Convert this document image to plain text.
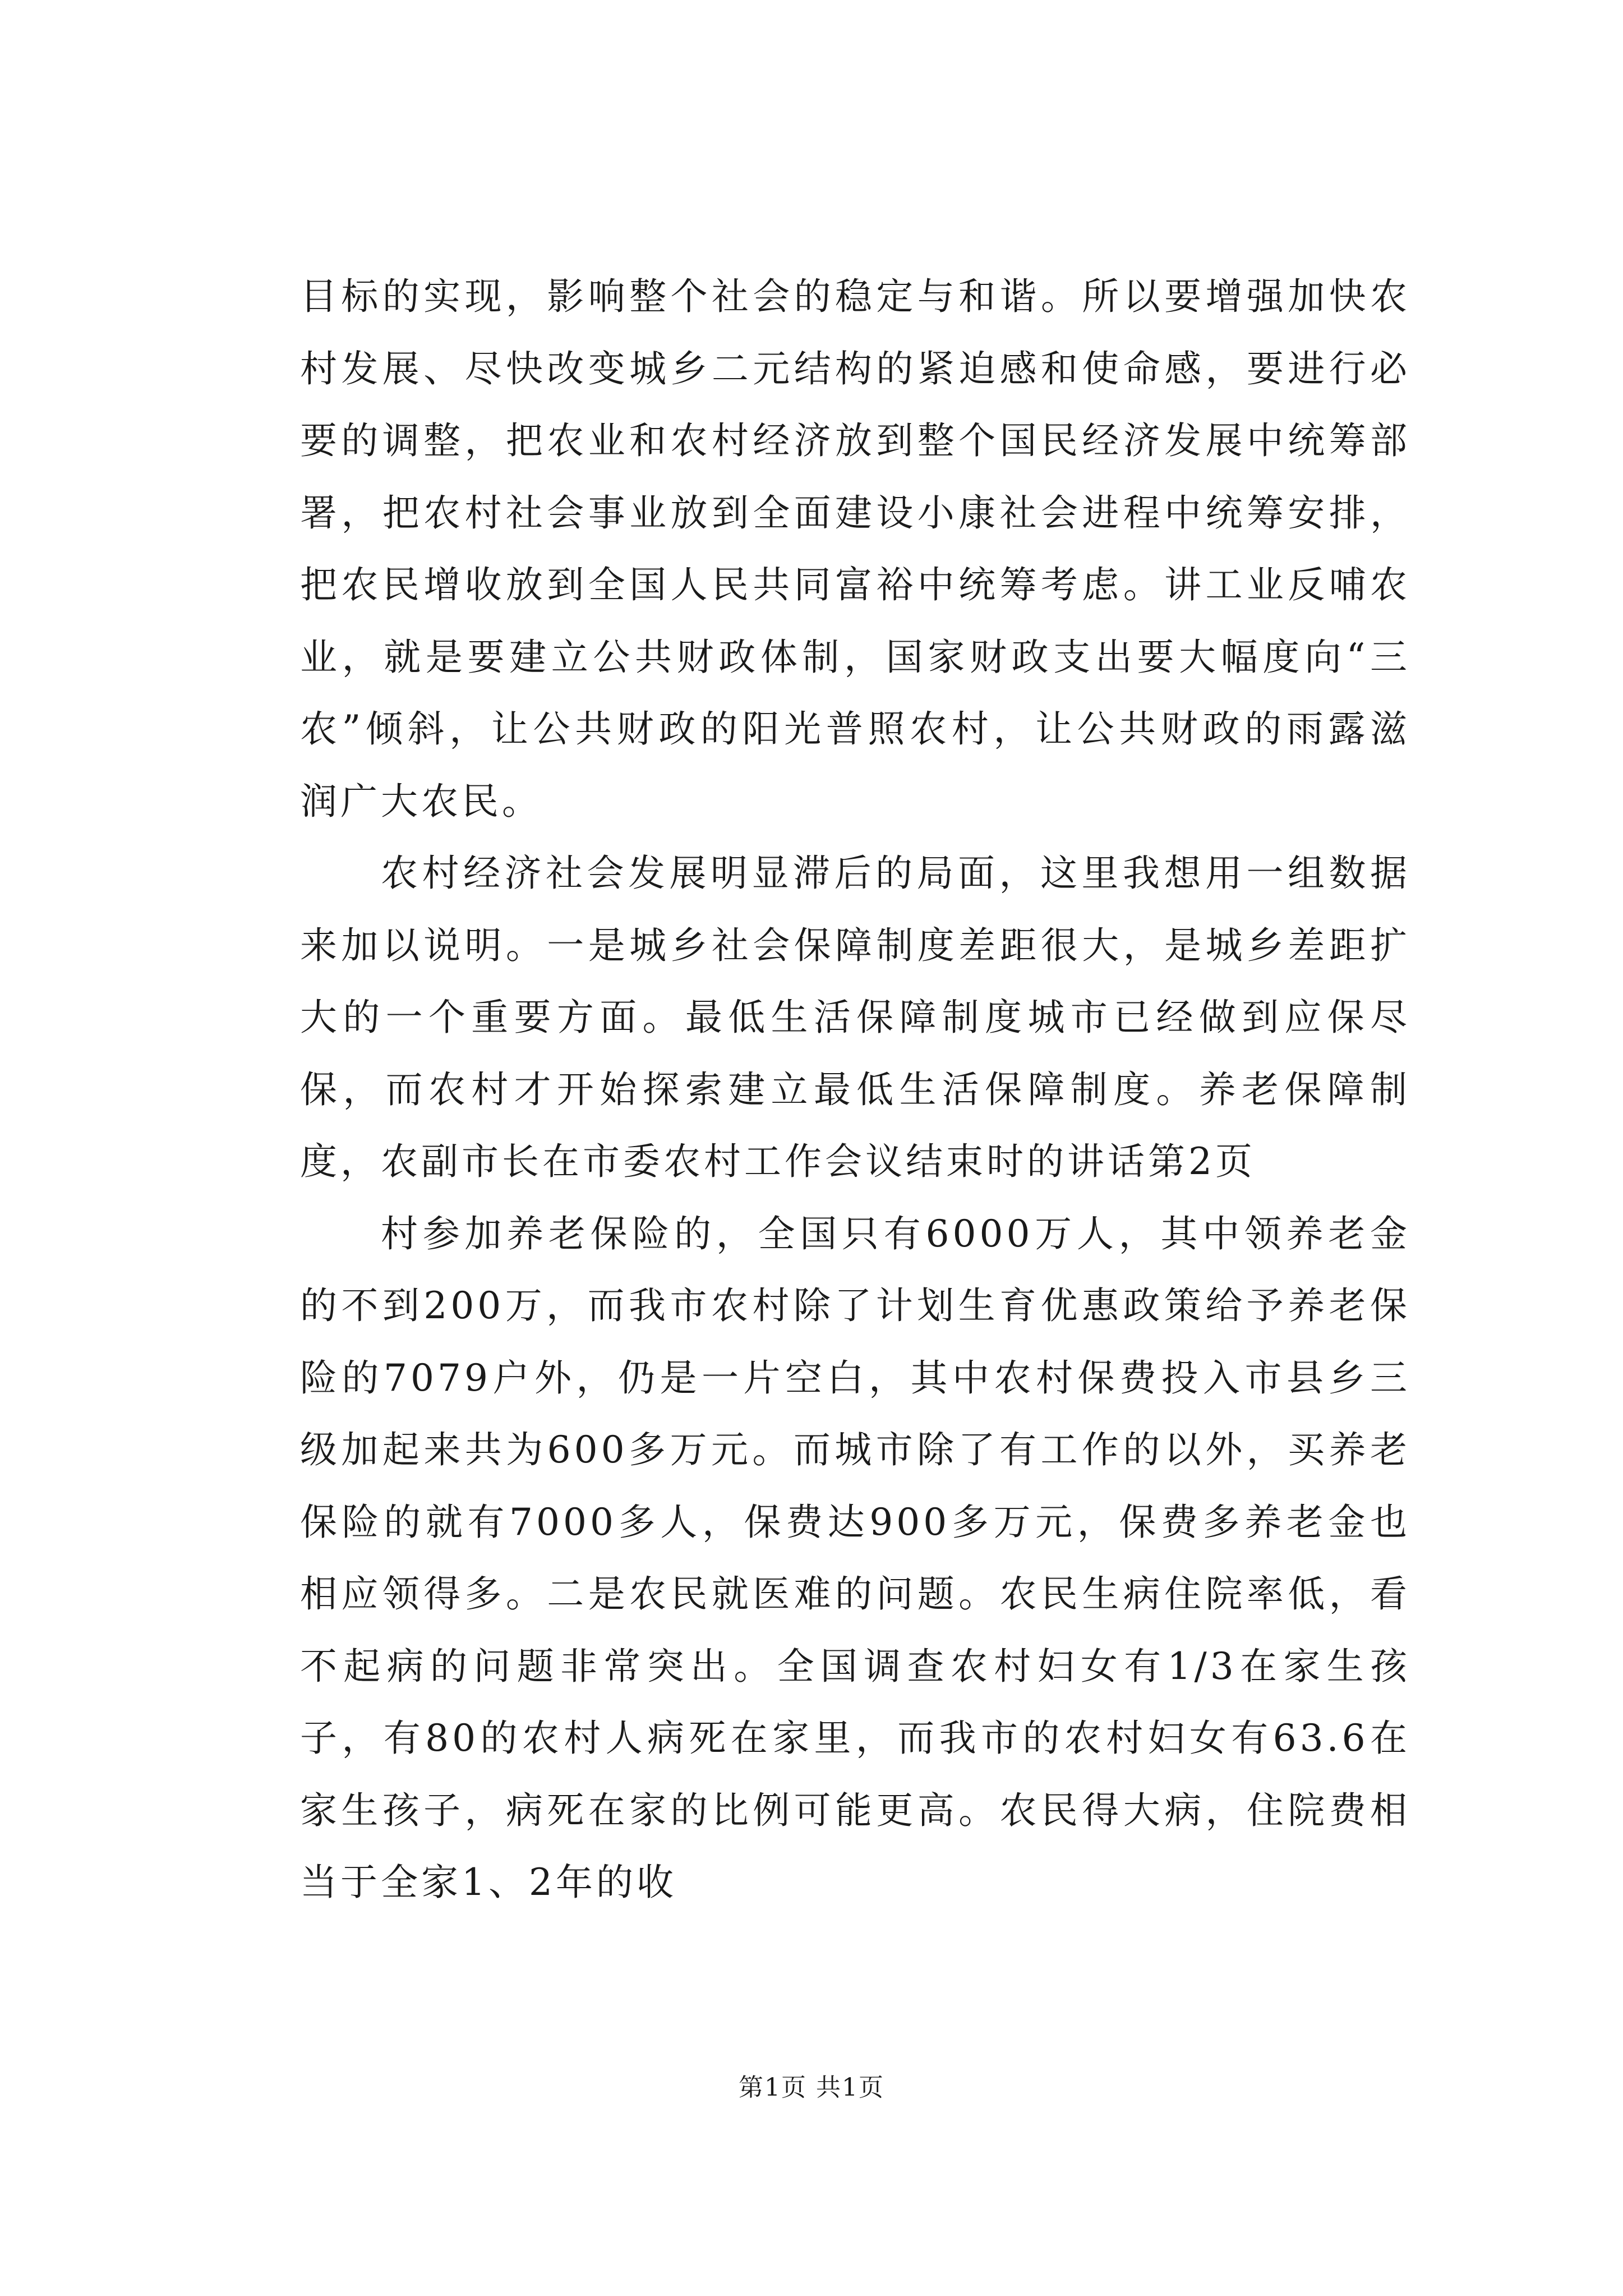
目标的实现，影响整个社会的稳定与和谐。所以要增强加快农村发展、尽快改变城乡二元结构的紧迫感和使命感，要进行必要的调整，把农业和农村经济放到整个国民经济发展中统筹部署，把农村社会事业放到全面建设小康社会进程中统筹安排，把农民增收放到全国人民共同富裕中统筹考虑。讲工业反哺农业，就是要建立公共财政体制，国家财政支出要大幅度向“三农”倾斜，让公共财政的阳光普照农村，让公共财政的雨露滋润广大农民。

农村经济社会发展明显滞后的局面，这里我想用一组数据来加以说明。一是城乡社会保障制度差距很大，是城乡差距扩大的一个重要方面。最低生活保障制度城市已经做到应保尽保，而农村才开始探索建立最低生活保障制度。养老保障制度，农副市长在市委农村工作会议结束时的讲话第2页

村参加养老保险的，全国只有6000万人，其中领养老金的不到200万，而我市农村除了计划生育优惠政策给予养老保险的7079户外，仍是一片空白，其中农村保费投入市县乡三级加起来共为600多万元。而城市除了有工作的以外，买养老保险的就有7000多人，保费达900多万元，保费多养老金也相应领得多。二是农民就医难的问题。农民生病住院率低，看不起病的问题非常突出。全国调查农村妇女有1/3在家生孩子，有80的农村人病死在家里，而我市的农村妇女有63.6在家生孩子，病死在家的比例可能更高。农民得大病，住院费相当于全家1、2年的收

第1页 共1页
